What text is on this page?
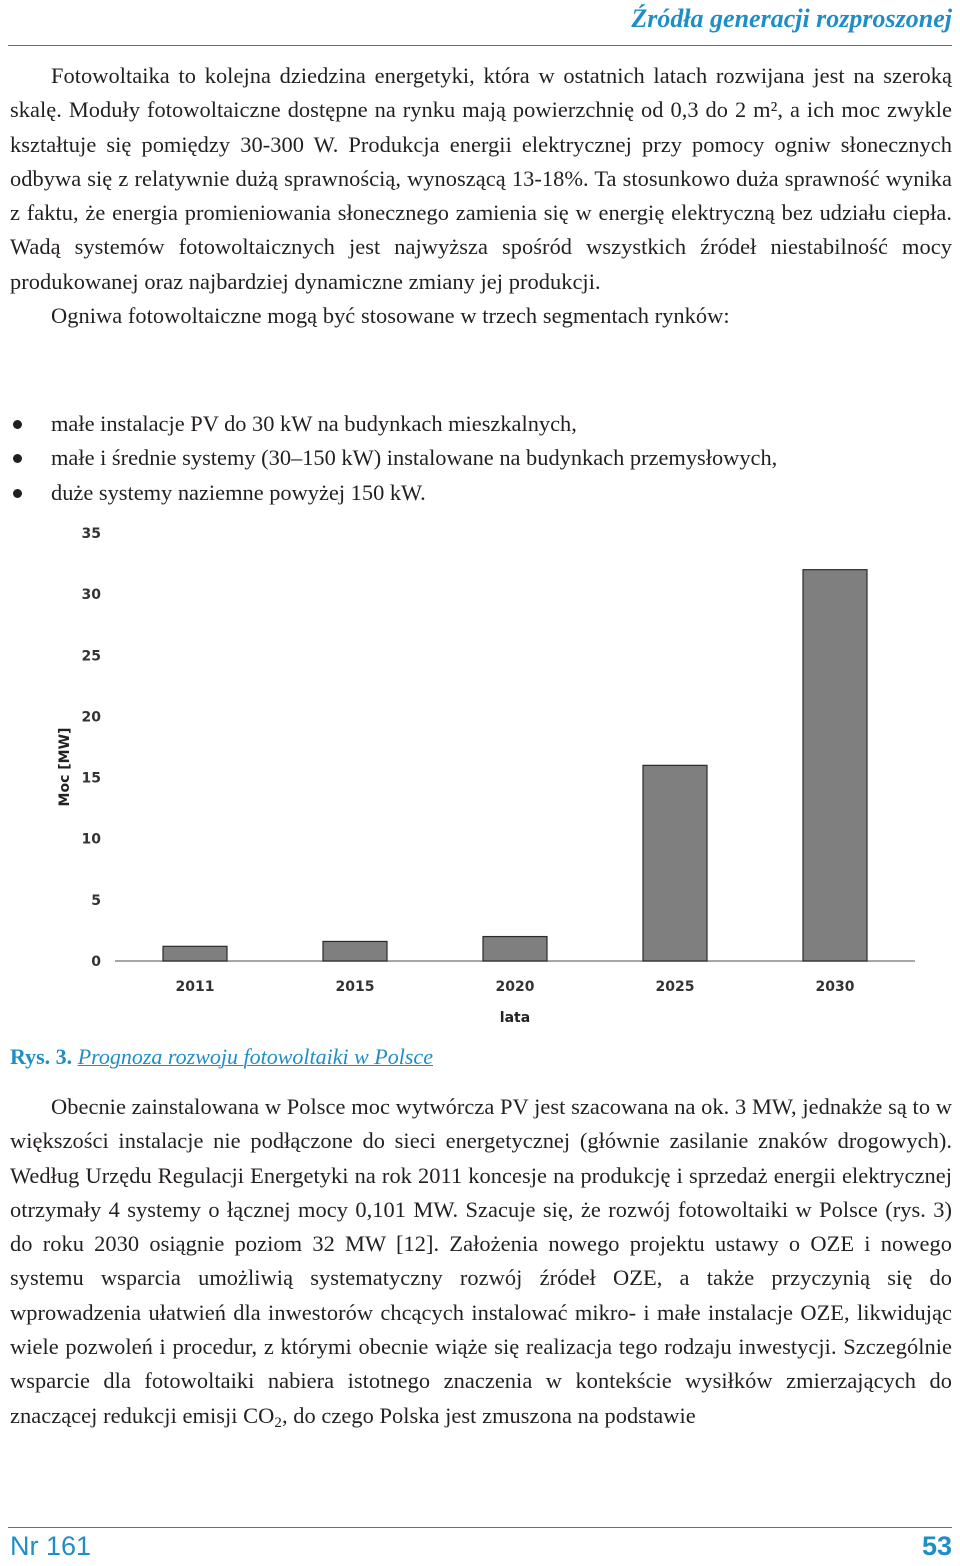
Źródła generacji rozproszonej

Fotowoltaika to kolejna dziedzina energetyki, która w ostatnich latach rozwijana jest na szeroką skalę. Moduły fotowoltaiczne dostępne na rynku mają powierzchnię od 0,3 do 2 m², a ich moc zwykle kształtuje się pomiędzy 30-300 W. Produkcja energii elektrycznej przy pomocy ogniw słonecznych odbywa się z relatywnie dużą sprawnością, wynoszącą 13-18%. Ta stosunkowo duża sprawność wynika z faktu, że energia promieniowania słonecznego zamienia się w energię elektryczną bez udziału ciepła. Wadą systemów fotowoltaicznych jest najwyższa spośród wszystkich źródeł niestabilność mocy produkowanej oraz najbardziej dynamiczne zmiany jej produkcji.

Ogniwa fotowoltaiczne mogą być stosowane w trzech segmentach rynków:

małe instalacje PV do 30 kW na budynkach mieszkalnych,
małe i średnie systemy (30–150 kW) instalowane na budynkach przemysłowych,
duże systemy naziemne powyżej 150 kW.
0
5
10
15
20
25
30
35
Moc [MW]
2011	2015	2020	2025	2030
lata
Rys. 3. Prognoza rozwoju fotowoltaiki w Polsce

Obecnie zainstalowana w Polsce moc wytwórcza PV jest szacowana na ok. 3 MW, jednakże są to w większości instalacje nie podłączone do sieci energetycznej (głównie zasilanie znaków drogowych). Według Urzędu Regulacji Energetyki na rok 2011 koncesje na produkcję i sprzedaż energii elektrycznej otrzymały 4 systemy o łącznej mocy 0,101 MW. Szacuje się, że rozwój fotowoltaiki w Polsce (rys. 3) do roku 2030 osiągnie poziom 32 MW [12]. Założenia nowego projektu ustawy o OZE i nowego systemu wsparcia umożliwią systematyczny rozwój źródeł OZE, a także przyczynią się do wprowadzenia ułatwień dla inwestorów chcących instalować mikro- i małe instalacje OZE, likwidując wiele pozwoleń i procedur, z którymi obecnie wiąże się realizacja tego rodzaju inwestycji. Szczególnie wsparcie dla fotowoltaiki nabiera istotnego znaczenia w kontekście wysiłków zmierzających do znaczącej redukcji emisji $CO_2$, do czego Polska jest zmuszona na podstawie

Nr 161	53
